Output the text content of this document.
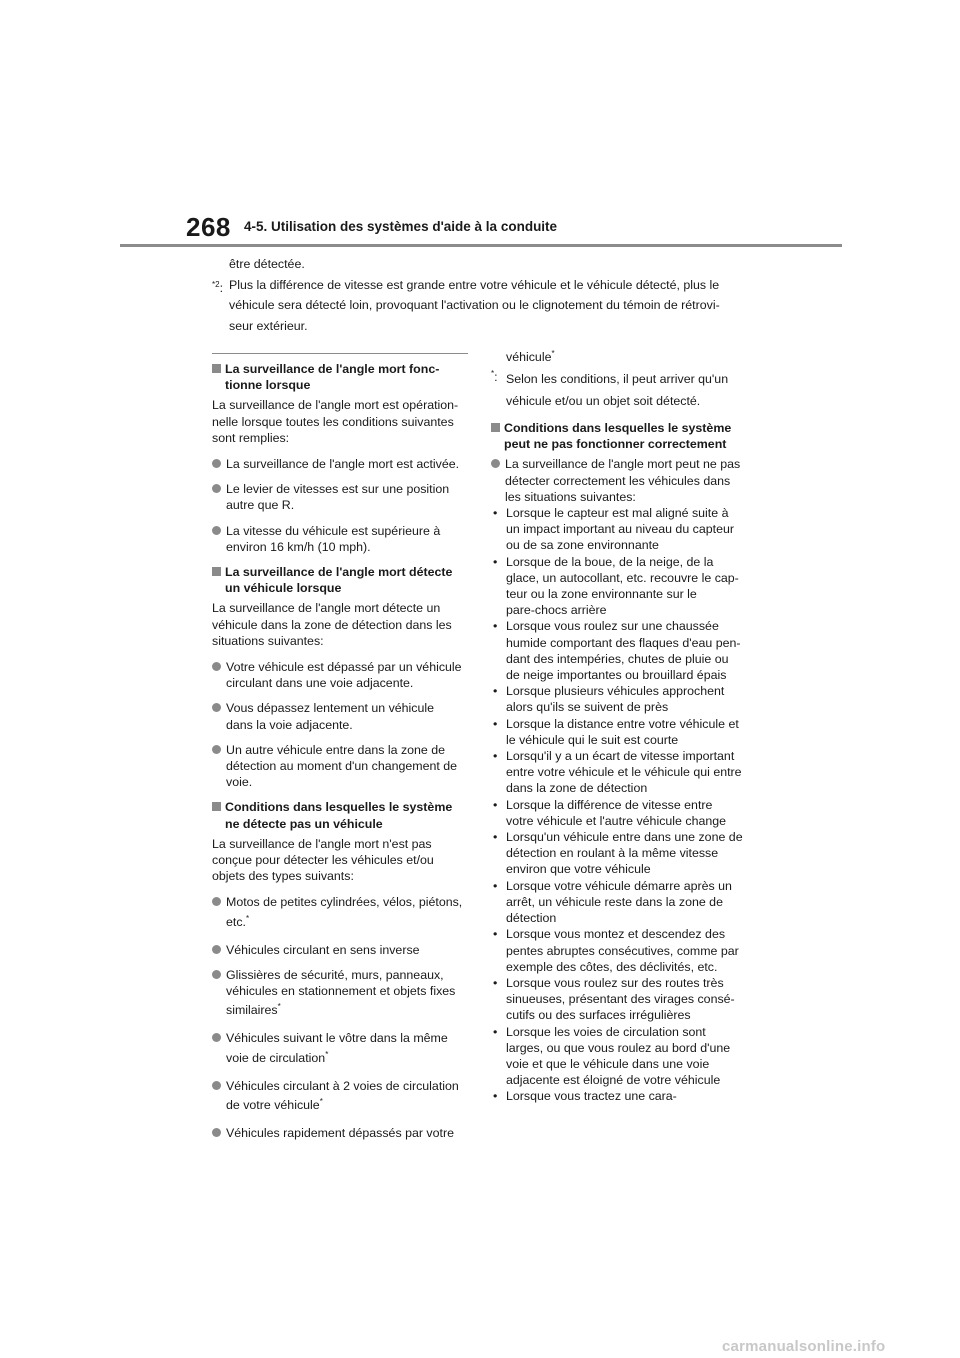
268 4-5. Utilisation des systèmes d'aide à la conduite
être détectée.
$^{*2}$: Plus la différence de vitesse est grande entre votre véhicule et le véhicule détecté, plus le
véhicule sera détecté loin, provoquant l'activation ou le clignotement du témoin de rétrovi-
seur extérieur.
La surveillance de l'angle mort fonc-
tionne lorsque
La surveillance de l'angle mort est opération-
nelle lorsque toutes les conditions suivantes
sont remplies:
La surveillance de l'angle mort est activée.
Le levier de vitesses est sur une position
autre que R.
La vitesse du véhicule est supérieure à
environ 16 km/h (10 mph).
La surveillance de l'angle mort détecte
un véhicule lorsque
La surveillance de l'angle mort détecte un
véhicule dans la zone de détection dans les
situations suivantes:
Votre véhicule est dépassé par un véhicule
circulant dans une voie adjacente.
Vous dépassez lentement un véhicule
dans la voie adjacente.
Un autre véhicule entre dans la zone de
détection au moment d'un changement de
voie.
Conditions dans lesquelles le système
ne détecte pas un véhicule
La surveillance de l'angle mort n'est pas
conçue pour détecter les véhicules et/ou
objets des types suivants:
Motos de petites cylindrées, vélos, piétons,
etc.*
Véhicules circulant en sens inverse
Glissières de sécurité, murs, panneaux,
véhicules en stationnement et objets fixes
similaires*
Véhicules suivant le vôtre dans la même
voie de circulation*
Véhicules circulant à 2 voies de circulation
de votre véhicule*
Véhicules rapidement dépassés par votre
véhicule*
*: Selon les conditions, il peut arriver qu'un
véhicule et/ou un objet soit détecté.
Conditions dans lesquelles le système
peut ne pas fonctionner correctement
La surveillance de l'angle mort peut ne pas
détecter correctement les véhicules dans
les situations suivantes:
• Lorsque le capteur est mal aligné suite à
un impact important au niveau du capteur
ou de sa zone environnante
• Lorsque de la boue, de la neige, de la
glace, un autocollant, etc. recouvre le cap-
teur ou la zone environnante sur le
pare-chocs arrière
• Lorsque vous roulez sur une chaussée
humide comportant des flaques d'eau pen-
dant des intempéries, chutes de pluie ou
de neige importantes ou brouillard épais
• Lorsque plusieurs véhicules approchent
alors qu'ils se suivent de près
• Lorsque la distance entre votre véhicule et
le véhicule qui le suit est courte
• Lorsqu'il y a un écart de vitesse important
entre votre véhicule et le véhicule qui entre
dans la zone de détection
• Lorsque la différence de vitesse entre
votre véhicule et l'autre véhicule change
• Lorsqu'un véhicule entre dans une zone de
détection en roulant à la même vitesse
environ que votre véhicule
• Lorsque votre véhicule démarre après un
arrêt, un véhicule reste dans la zone de
détection
• Lorsque vous montez et descendez des
pentes abruptes consécutives, comme par
exemple des côtes, des déclivités, etc.
• Lorsque vous roulez sur des routes très
sinueuses, présentant des virages consé-
cutifs ou des surfaces irrégulières
• Lorsque les voies de circulation sont
larges, ou que vous roulez au bord d'une
voie et que le véhicule dans une voie
adjacente est éloigné de votre véhicule
• Lorsque vous tractez une cara-
carmanualsonline.info
